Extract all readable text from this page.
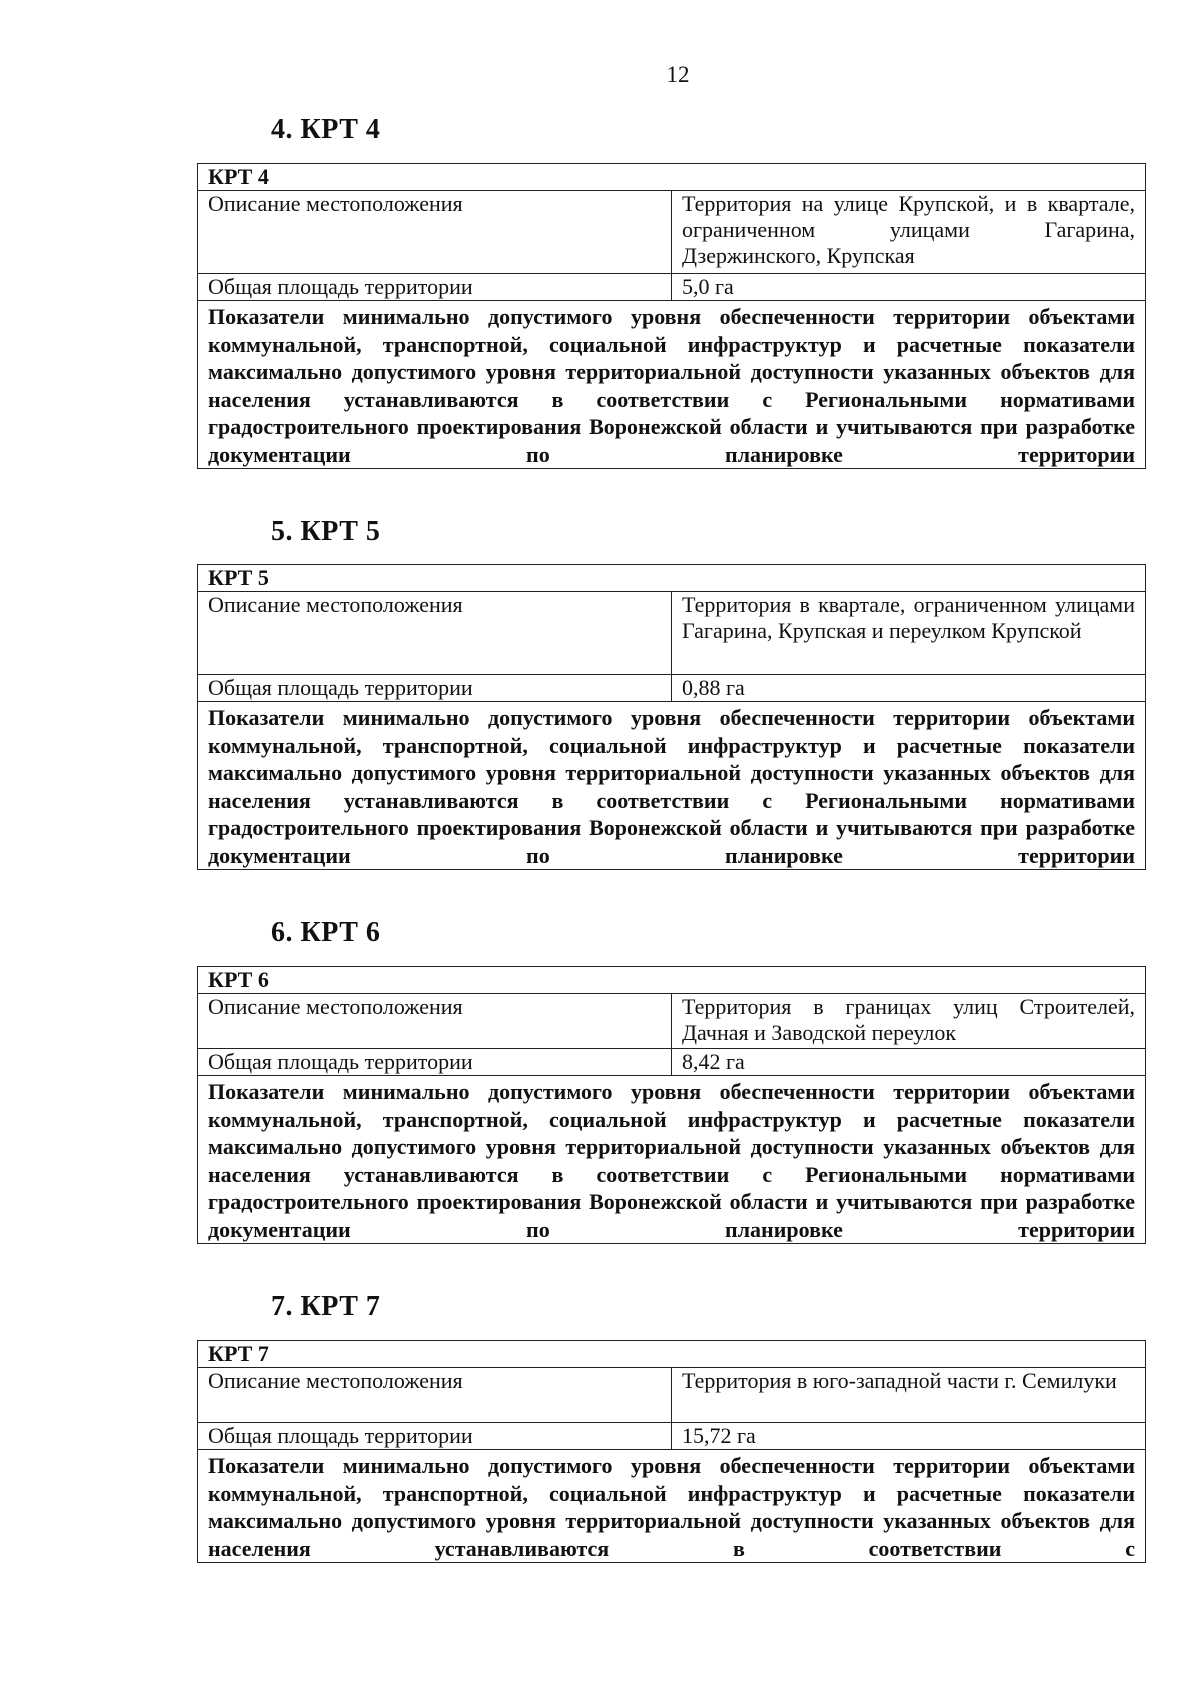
12
4. КРТ 4
КРТ 4	
Описание местоположения	Территория на улице Крупской, и в квартале, ограниченном улицами Гагарина, Дзержинского, Крупская
Общая площадь территории	5,0 га
Показатели минимально допустимого уровня обеспеченности территории объектами коммунальной, транспортной, социальной инфраструктур и расчетные показатели максимально допустимого уровня территориальной доступности указанных объектов для населения устанавливаются в соответствии с Региональными нормативами градостроительного проектирования Воронежской области и учитываются при разработке документации по планировке территории	
5. КРТ 5
КРТ 5	
Описание местоположения	Территория в квартале, ограниченном улицами Гагарина, Крупская и переулком Крупской
Общая площадь территории	0,88 га
Показатели минимально допустимого уровня обеспеченности территории объектами коммунальной, транспортной, социальной инфраструктур и расчетные показатели максимально допустимого уровня территориальной доступности указанных объектов для населения устанавливаются в соответствии с Региональными нормативами градостроительного проектирования Воронежской области и учитываются при разработке документации по планировке территории	
6. КРТ 6
КРТ 6	
Описание местоположения	Территория в границах улиц Строителей, Дачная и Заводской переулок
Общая площадь территории	8,42 га
Показатели минимально допустимого уровня обеспеченности территории объектами коммунальной, транспортной, социальной инфраструктур и расчетные показатели максимально допустимого уровня территориальной доступности указанных объектов для населения устанавливаются в соответствии с Региональными нормативами градостроительного проектирования Воронежской области и учитываются при разработке документации по планировке территории	
7. КРТ 7
КРТ 7	
Описание местоположения	Территория в юго-западной части г. Семилуки
Общая площадь территории	15,72 га
Показатели минимально допустимого уровня обеспеченности территории объектами коммунальной, транспортной, социальной инфраструктур и расчетные показатели максимально допустимого уровня территориальной доступности указанных объектов для населения устанавливаются в соответствии с	
